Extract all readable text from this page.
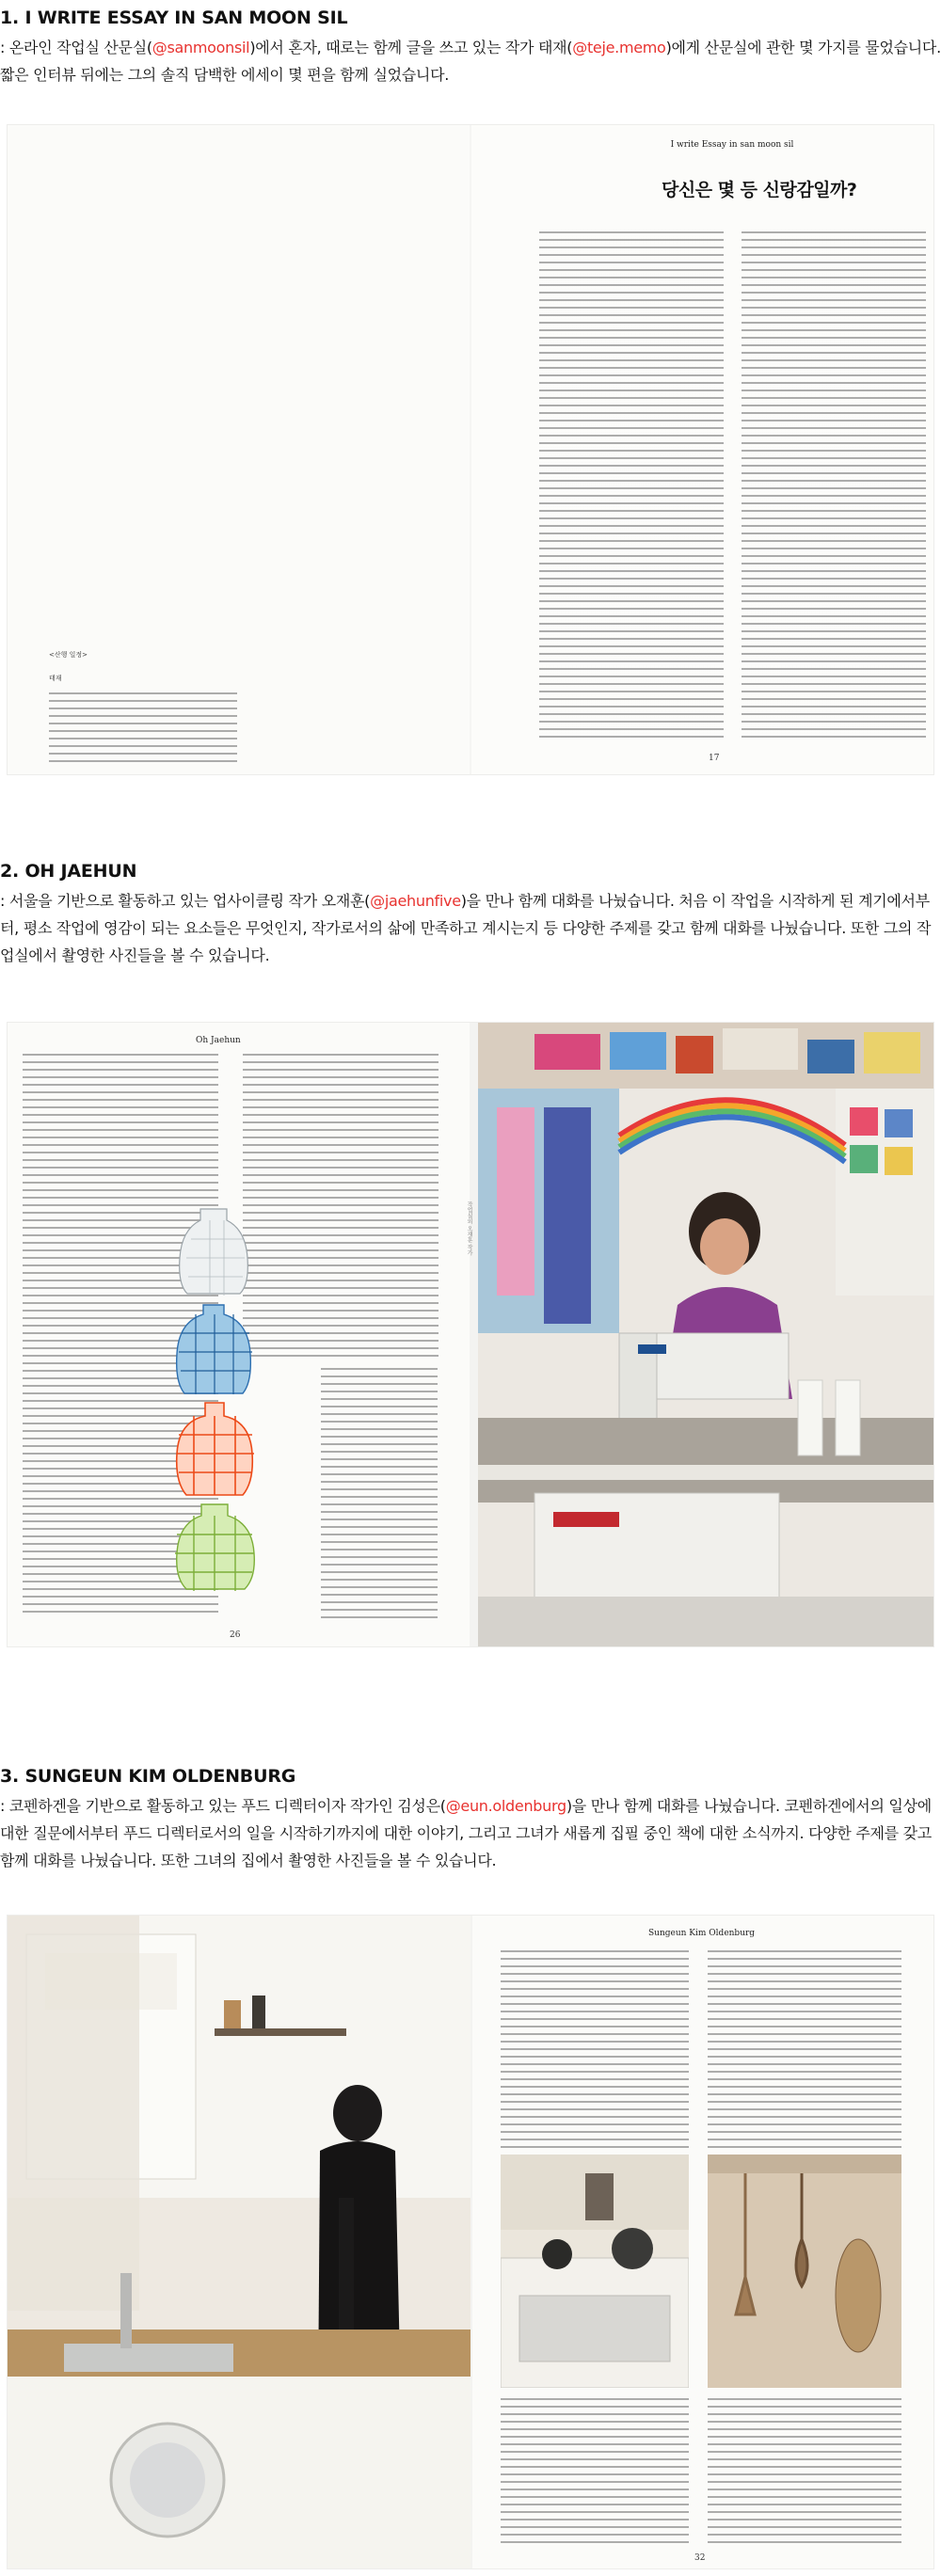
1. I WRITE ESSAY IN SAN MOON SIL

: 온라인 작업실 산문실(@sanmoonsil)에서 혼자, 때로는 함께 글을 쓰고 있는 작가 태재(@teje.memo)에게 산문실에 관한 몇 가지를 물었습니다. 짧은 인터뷰 뒤에는 그의 솔직 담백한 에세이 몇 편을 함께 실었습니다.

<산행 일정>
태재
I write Essay in san moon sil
당신은 몇 등 신랑감일까?
17
2. OH JAEHUN

: 서울을 기반으로 활동하고 있는 업사이클링 작가 오재훈(@jaehunfive)을 만나 함께 대화를 나눴습니다. 처음 이 작업을 시작하게 된 계기에서부터, 평소 작업에 영감이 되는 요소들은 무엇인지, 작가로서의 삶에 만족하고 계시는지 등 다양한 주제를 갖고 함께 대화를 나눴습니다. 또한 그의 작업실에서 촬영한 사진들을 볼 수 있습니다.

Oh Jaehun
26
작업실의 오재훈 작가
3. SUNGEUN KIM OLDENBURG

: 코펜하겐을 기반으로 활동하고 있는 푸드 디렉터이자 작가인 김성은(@eun.oldenburg)을 만나 함께 대화를 나눴습니다. 코펜하겐에서의 일상에 대한 질문에서부터 푸드 디렉터로서의 일을 시작하기까지에 대한 이야기, 그리고 그녀가 새롭게 집필 중인 책에 대한 소식까지. 다양한 주제를 갖고 함께 대화를 나눴습니다. 또한 그녀의 집에서 촬영한 사진들을 볼 수 있습니다.

Sungeun Kim Oldenburg
32
